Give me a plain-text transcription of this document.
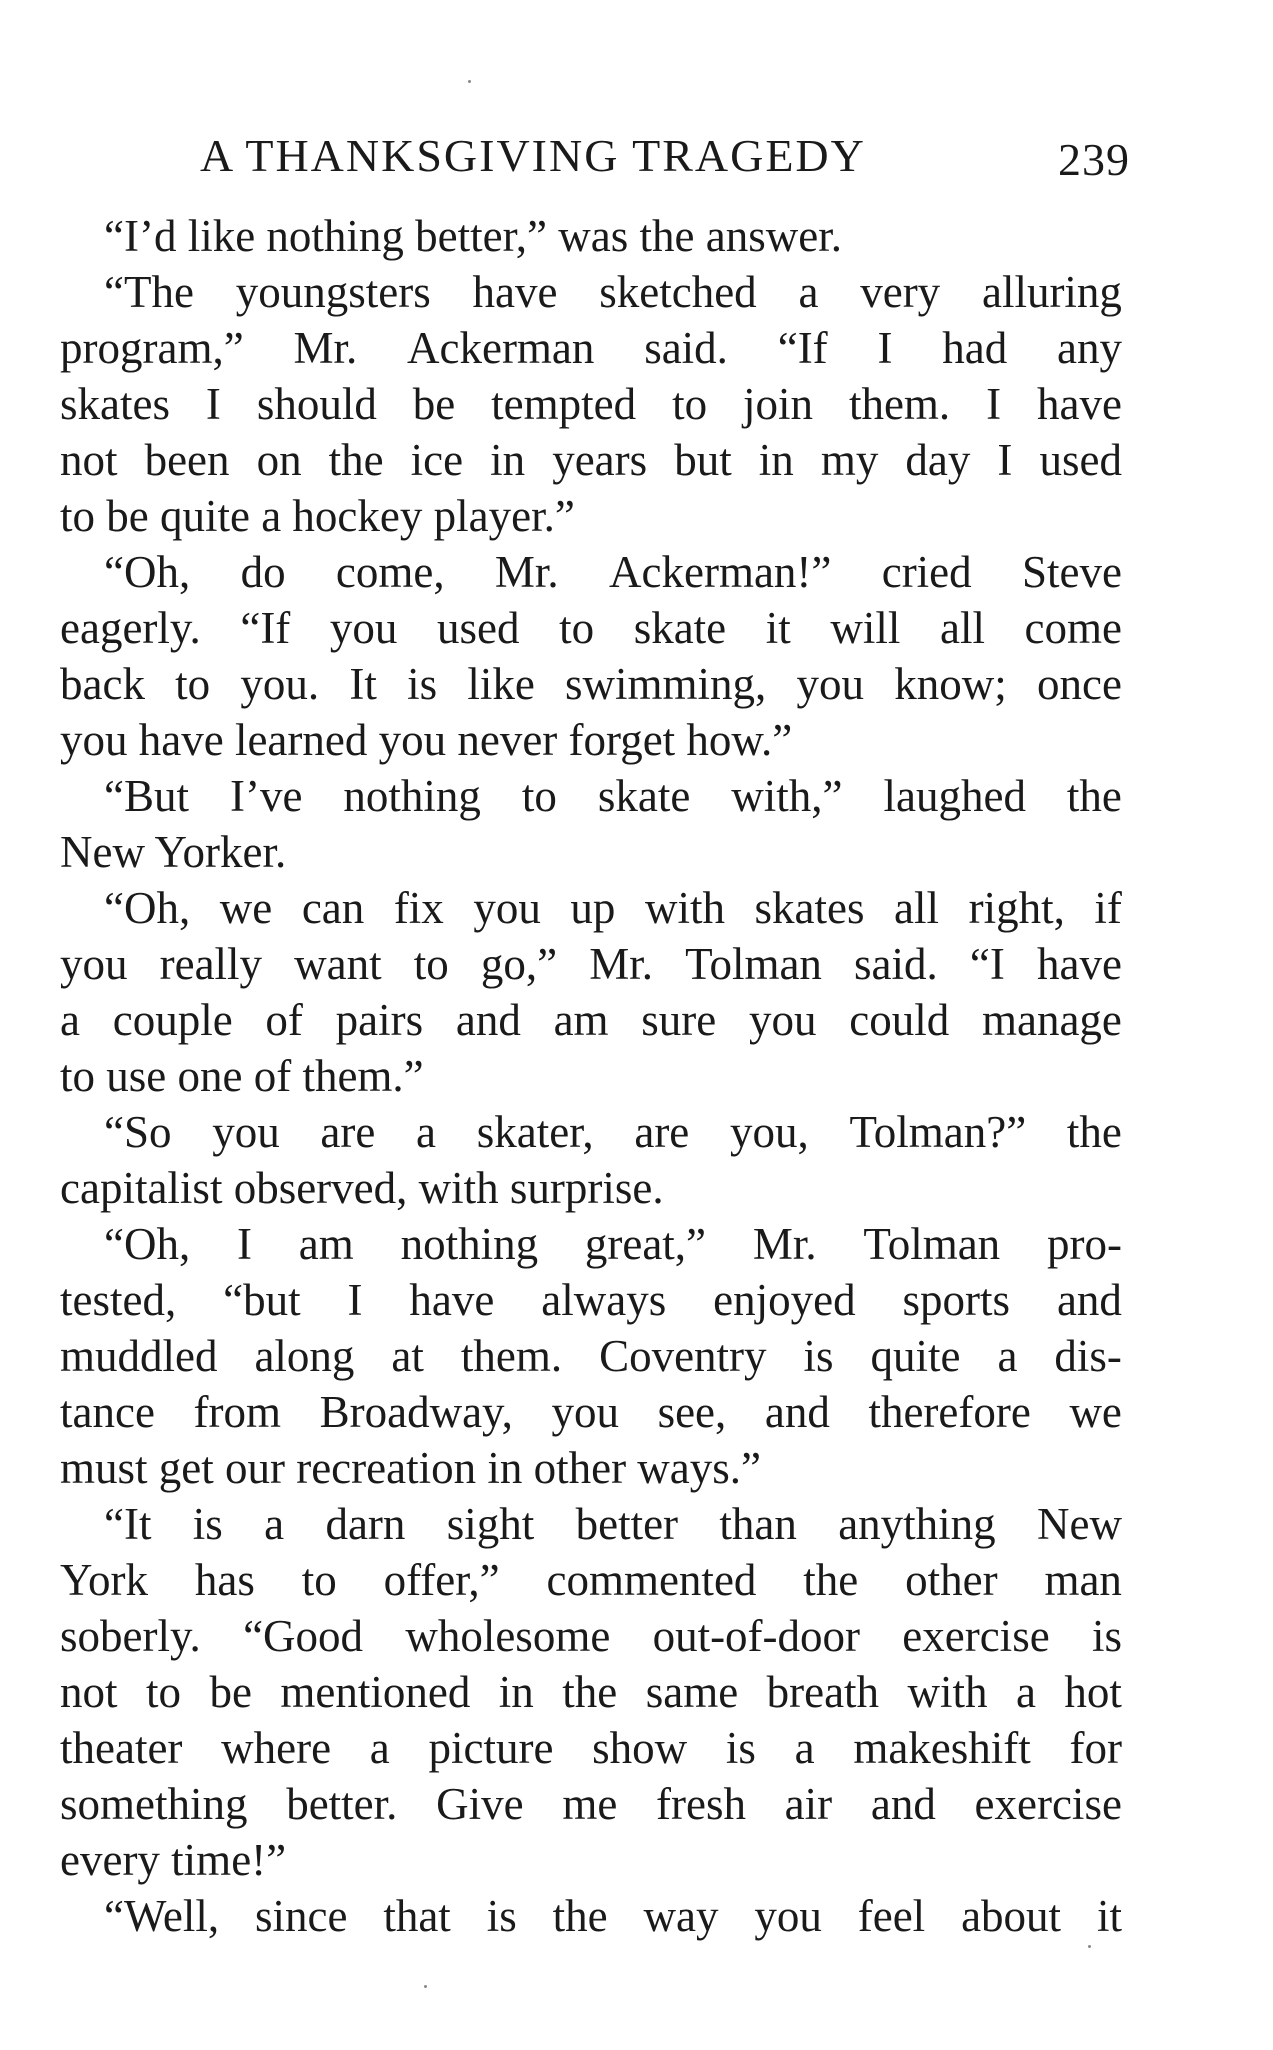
A THANKSGIVING TRAGEDY	239
“I’d like nothing better,” was the answer.
“The youngsters have sketched a very alluring
program,” Mr. Ackerman said. “If I had any
skates I should be tempted to join them. I have
not been on the ice in years but in my day I used
to be quite a hockey player.”
“Oh, do come, Mr. Ackerman!” cried Steve
eagerly. “If you used to skate it will all come
back to you. It is like swimming, you know; once
you have learned you never forget how.”
“But I’ve nothing to skate with,” laughed the
New Yorker.
“Oh, we can fix you up with skates all right, if
you really want to go,” Mr. Tolman said. “I have
a couple of pairs and am sure you could manage
to use one of them.”
“So you are a skater, are you, Tolman?” the
capitalist observed, with surprise.
“Oh, I am nothing great,” Mr. Tolman pro-
tested, “but I have always enjoyed sports and
muddled along at them. Coventry is quite a dis-
tance from Broadway, you see, and therefore we
must get our recreation in other ways.”
“It is a darn sight better than anything New
York has to offer,” commented the other man
soberly. “Good wholesome out-of-door exercise is
not to be mentioned in the same breath with a hot
theater where a picture show is a makeshift for
something better. Give me fresh air and exercise
every time!”
“Well, since that is the way you feel about it
